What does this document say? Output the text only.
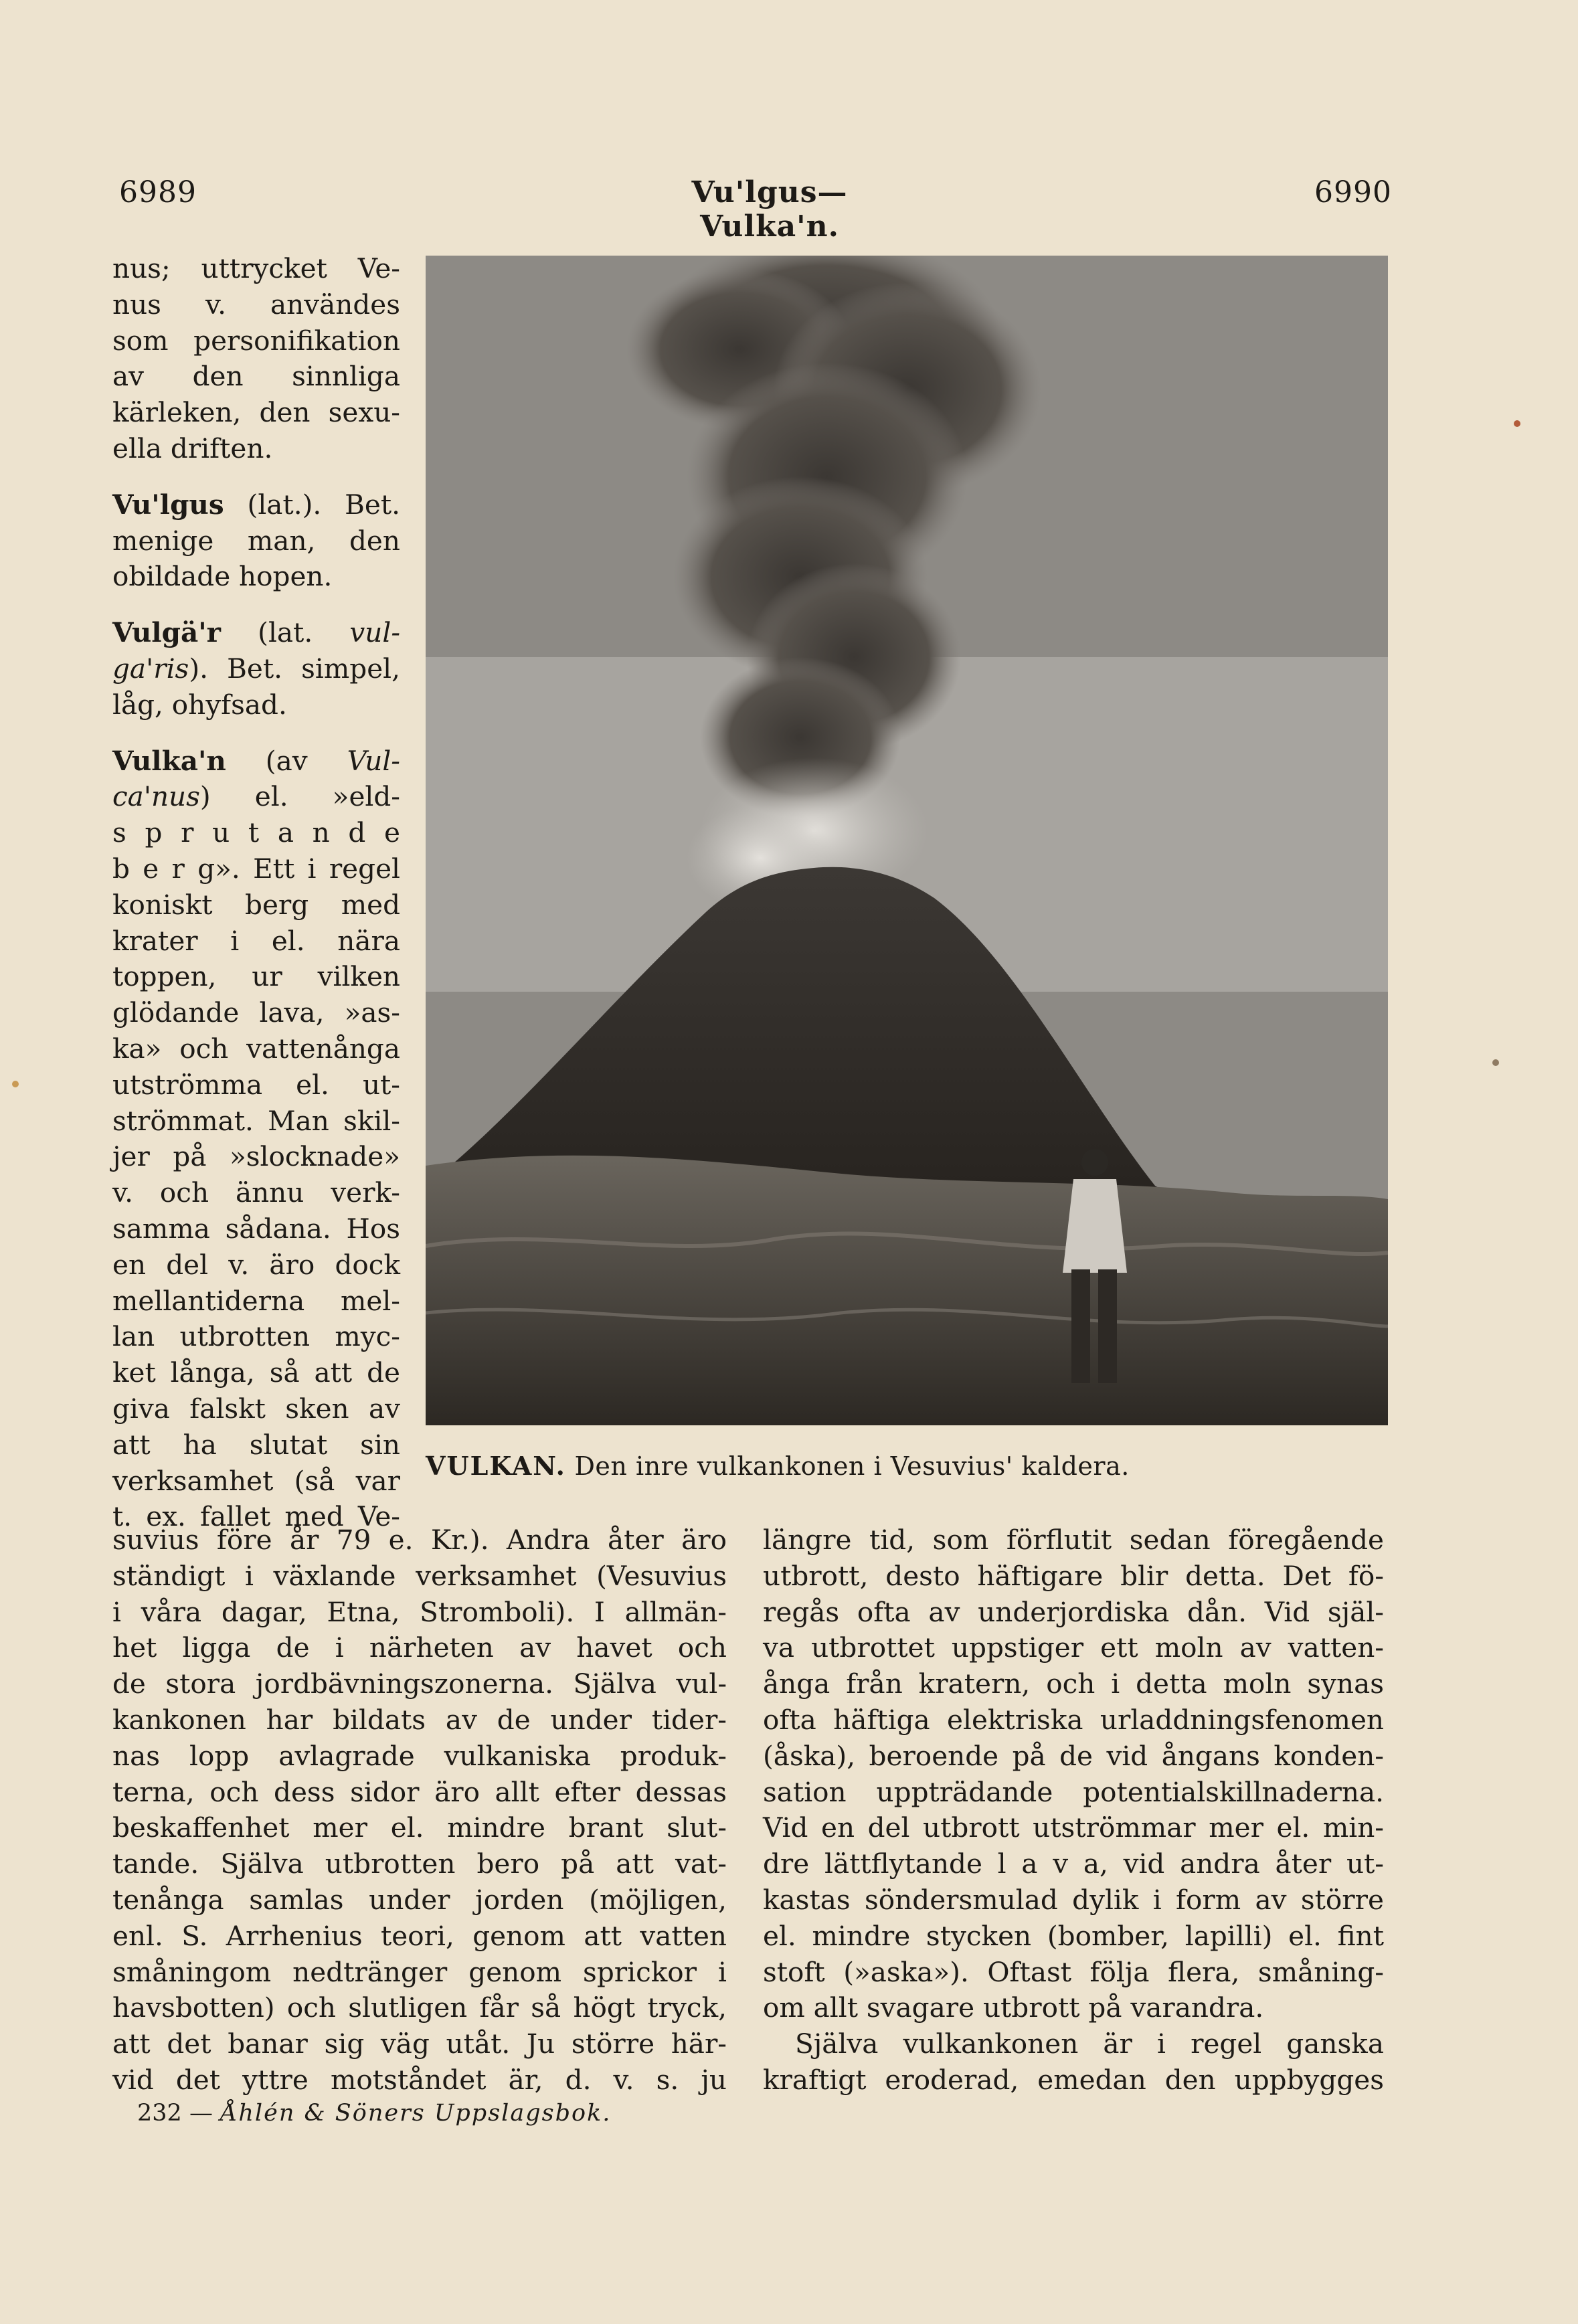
6989	Vu'lgus—Vulka'n.
6990
nus; uttrycket Ve-
nus v. användes
som personifikation
av den sinnliga
kärleken, den sexu-
ella driften.
Vu'lgus (lat.). Bet.
menige man, den
obildade hopen.
Vulgä'r (lat. vul-
ga'ris). Bet. simpel,
låg, ohyfsad.
Vulka'n (av Vul-
ca'nus) el. »eld-
s p r u t a n d e
b e r g». Ett i regel
koniskt berg med
krater i el. nära
toppen, ur vilken
glödande lava, »as-
ka» och vattenånga
utströmma el. ut-
strömmat. Man skil-
jer på »slocknade»
v. och ännu verk-
samma sådana. Hos
en del v. äro dock
mellantiderna mel-
lan utbrotten myc-
ket långa, så att de
giva falskt sken av
att ha slutat sin
verksamhet (så var
t. ex. fallet med Ve-
VULKAN. Den inre vulkankonen i Vesuvius' kaldera.
suvius före år 79 e. Kr.). Andra åter äro
ständigt i växlande verksamhet (Vesuvius
i våra dagar, Etna, Stromboli). I allmän-
het ligga de i närheten av havet och
de stora jordbävningszonerna. Själva vul-
kankonen har bildats av de under tider-
nas lopp avlagrade vulkaniska produk-
terna, och dess sidor äro allt efter dessas
beskaffenhet mer el. mindre brant slut-
tande. Själva utbrotten bero på att vat-
tenånga samlas under jorden (möjligen,
enl. S. Arrhenius teori, genom att vatten
småningom nedtränger genom sprickor i
havsbotten) och slutligen får så högt tryck,
att det banar sig väg utåt. Ju större här-
vid det yttre motståndet är, d. v. s. ju
längre tid, som förflutit sedan föregående
utbrott, desto häftigare blir detta. Det fö-
regås ofta av underjordiska dån. Vid själ-
va utbrottet uppstiger ett moln av vatten-
ånga från kratern, och i detta moln synas
ofta häftiga elektriska urladdningsfenomen
(åska), beroende på de vid ångans konden-
sation uppträdande potentialskillnaderna.
Vid en del utbrott utströmmar mer el. min-
dre lättflytande l a v a, vid andra åter ut-
kastas söndersmulad dylik i form av större
el. mindre stycken (bomber, lapilli) el. fint
stoft (»aska»). Oftast följa flera, småning-
om allt svagare utbrott på varandra.
Själva vulkankonen är i regel ganska
kraftigt eroderad, emedan den uppbygges
232 — Åhlén & Söners Uppslagsbok.
